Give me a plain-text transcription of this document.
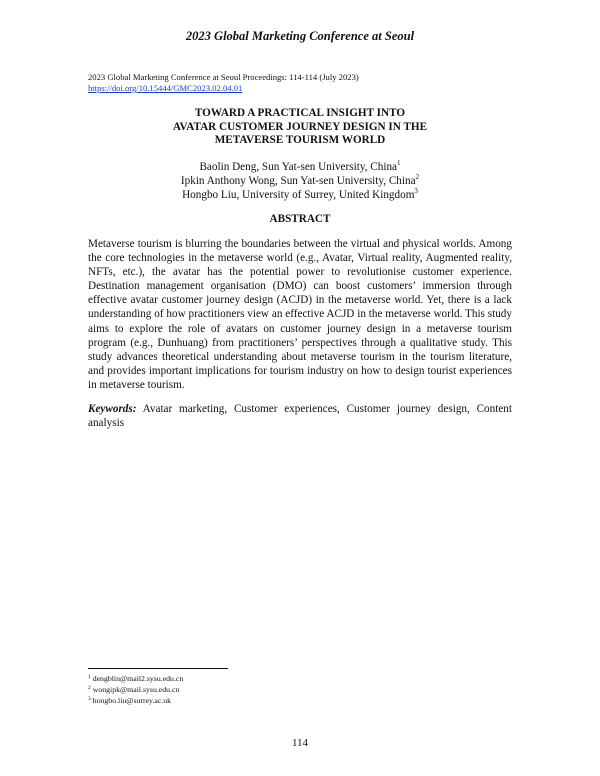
2023 Global Marketing Conference at Seoul
2023 Global Marketing Conference at Seoul Proceedings: 114-114 (July 2023)
https://doi.org/10.15444/GMC2023.02.04.01
TOWARD A PRACTICAL INSIGHT INTO
AVATAR CUSTOMER JOURNEY DESIGN IN THE
METAVERSE TOURISM WORLD
Baolin Deng, Sun Yat-sen University, China$^1$
Ipkin Anthony Wong, Sun Yat-sen University, China$^2$
Hongbo Liu, University of Surrey, United Kingdom$^3$
ABSTRACT
Metaverse tourism is blurring the boundaries between the virtual and physical worlds. Among the core technologies in the metaverse world (e.g., Avatar, Virtual reality, Augmented reality, NFTs, etc.), the avatar has the potential power to revolutionise customer experience. Destination management organisation (DMO) can boost customers’ immersion through effective avatar customer journey design (ACJD) in the metaverse world. Yet, there is a lack understanding of how practitioners view an effective ACJD in the metaverse world. This study aims to explore the role of avatars on customer journey design in a metaverse tourism program (e.g., Dunhuang) from practitioners’ perspectives through a qualitative study. This study advances theoretical understanding about metaverse tourism in the tourism literature, and provides important implications for tourism industry on how to design tourist experiences in metaverse tourism.
Keywords: Avatar marketing, Customer experiences, Customer journey design, Content analysis
$^1$ dengblin@mail2.sysu.edu.cn
$^2$ wongipk@mail.sysu.edu.cn
$^3$ hongbo.liu@surrey.ac.uk
114
